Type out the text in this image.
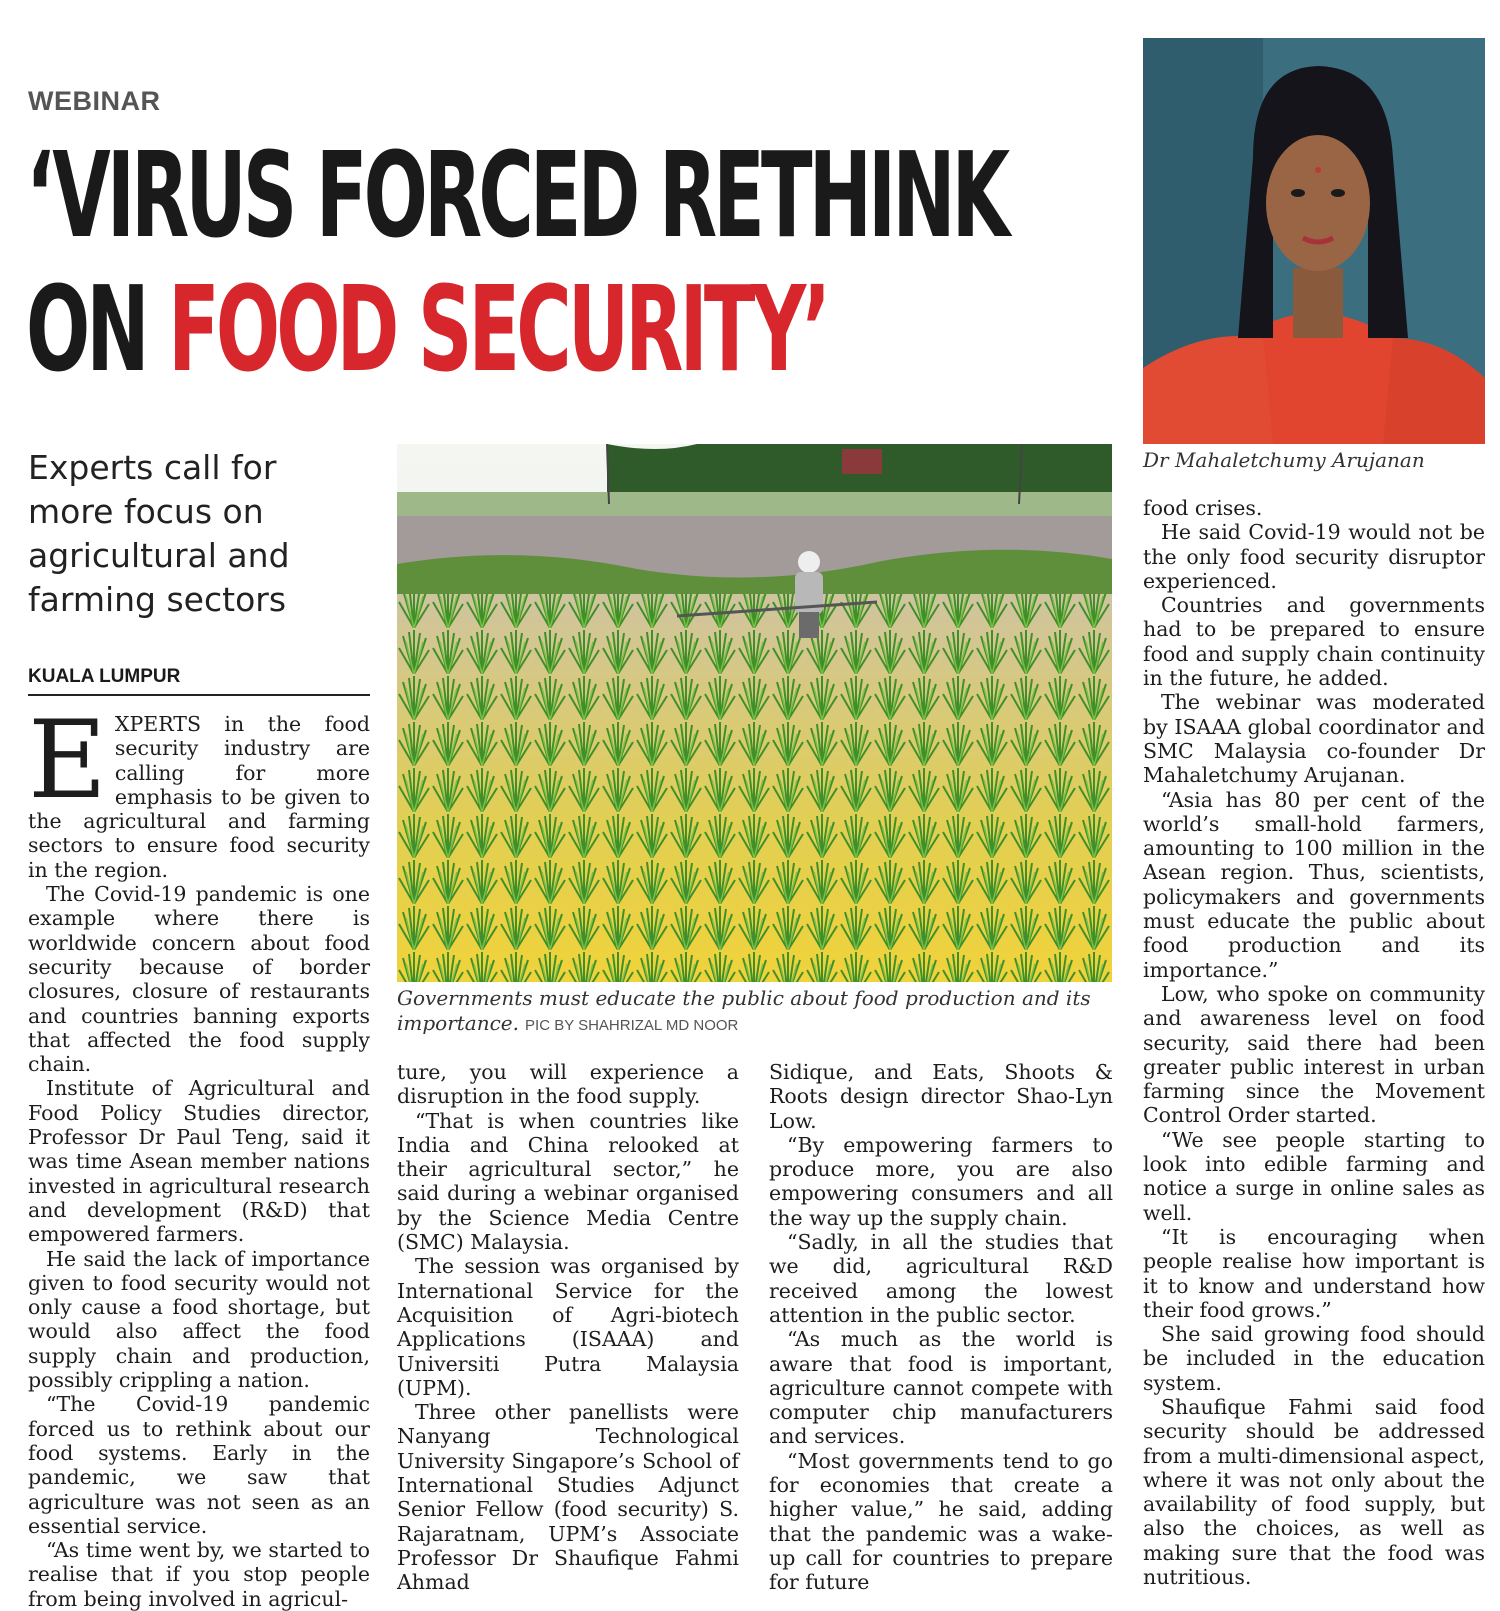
WEBINAR
‘VIRUS FORCED RETHINK
ON FOOD SECURITY’
Experts call for more focus on agricultural and farming sectors
KUALA LUMPUR

EXPERTS in the food security industry are calling for more emphasis to be given to the agricultural and farming sectors to ensure food security in the region.

The Covid-19 pandemic is one example where there is worldwide concern about food security because of border closures, closure of restaurants and countries banning exports that affected the food supply chain.

Institute of Agricultural and Food Policy Studies director, Professor Dr Paul Teng, said it was time Asean member nations invested in agricultural research and development (R&D) that empowered farmers.

He said the lack of importance given to food security would not only cause a food shortage, but would also affect the food supply chain and production, possibly crippling a nation.

“The Covid-19 pandemic forced us to rethink about our food systems. Early in the pandemic, we saw that agriculture was not seen as an essential service.

“As time went by, we started to realise that if you stop people from being involved in agricul-

Governments must educate the public about food production and its importance. PIC BY SHAHRIZAL MD NOOR
Dr Mahaletchumy Arujanan

ture, you will experience a disruption in the food supply.

“That is when countries like India and China relooked at their agricultural sector,” he said during a webinar organised by the Science Media Centre (SMC) Malaysia.

The session was organised by International Service for the Acquisition of Agri-biotech Applications (ISAAA) and Universiti Putra Malaysia (UPM).

Three other panellists were Nanyang Technological University Singapore’s School of International Studies Adjunct Senior Fellow (food security) S. Rajaratnam, UPM’s Associate Professor Dr Shaufique Fahmi Ahmad

Sidique, and Eats, Shoots & Roots design director Shao-Lyn Low.

“By empowering farmers to produce more, you are also empowering consumers and all the way up the supply chain.

“Sadly, in all the studies that we did, agricultural R&D received among the lowest attention in the public sector.

“As much as the world is aware that food is important, agriculture cannot compete with computer chip manufacturers and services.

“Most governments tend to go for economies that create a higher value,” he said, adding that the pandemic was a wake-up call for countries to prepare for future

food crises.

He said Covid-19 would not be the only food security disruptor experienced.

Countries and governments had to be prepared to ensure food and supply chain continuity in the future, he added.

The webinar was moderated by ISAAA global coordinator and SMC Malaysia co-founder Dr Mahaletchumy Arujanan.

“Asia has 80 per cent of the world’s small-hold farmers, amounting to 100 million in the Asean region. Thus, scientists, policymakers and governments must educate the public about food production and its importance.”

Low, who spoke on community and awareness level on food security, said there had been greater public interest in urban farming since the Movement Control Order started.

“We see people starting to look into edible farming and notice a surge in online sales as well.

“It is encouraging when people realise how important is it to know and understand how their food grows.”

She said growing food should be included in the education system.

Shaufique Fahmi said food security should be addressed from a multi-dimensional aspect, where it was not only about the availability of food supply, but also the choices, as well as making sure that the food was nutritious.
